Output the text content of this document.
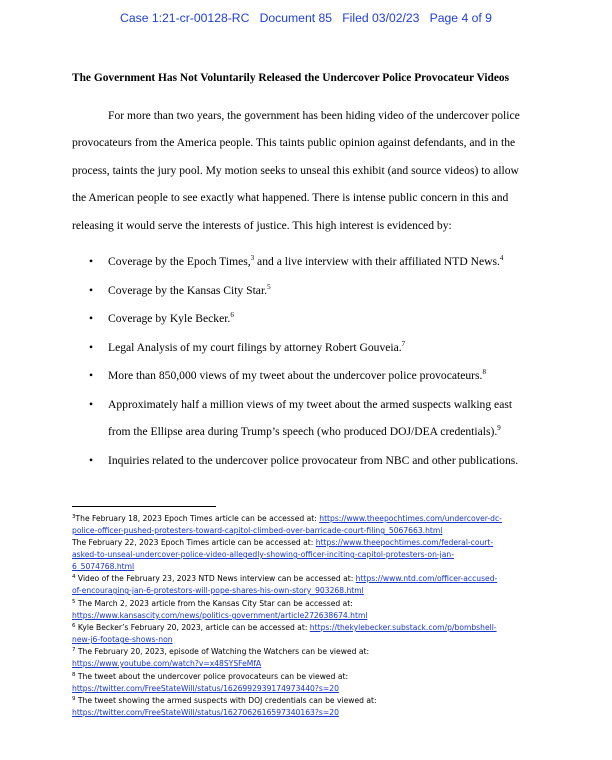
Case 1:21-cr-00128-RC   Document 85   Filed 03/02/23   Page 4 of 9
The Government Has Not Voluntarily Released the Undercover Police Provocateur Videos
For more than two years, the government has been hiding video of the undercover police
provocateurs from the America people. This taints public opinion against defendants, and in the
process, taints the jury pool. My motion seeks to unseal this exhibit (and source videos) to allow
the American people to see exactly what happened. There is intense public concern in this and
releasing it would serve the interests of justice. This high interest is evidenced by:
• Coverage by the Epoch Times,$^3$ and a live interview with their affiliated NTD News.$^4$
• Coverage by the Kansas City Star.$^5$
• Coverage by Kyle Becker.$^6$
• Legal Analysis of my court filings by attorney Robert Gouveia.$^7$
• More than 850,000 views of my tweet about the undercover police provocateurs.$^8$
• Approximately half a million views of my tweet about the armed suspects walking east
from the Ellipse area during Trump’s speech (who produced DOJ/DEA credentials).$^9$
• Inquiries related to the undercover police provocateur from NBC and other publications.
$^3$The February 18, 2023 Epoch Times article can be accessed at: https://www.theepochtimes.com/undercover-dc-
police-officer-pushed-protesters-toward-capitol-climbed-over-barricade-court-filing_5067663.html
The February 22, 2023 Epoch Times article can be accessed at: https://www.theepochtimes.com/federal-court-
asked-to-unseal-undercover-police-video-allegedly-showing-officer-inciting-capitol-protesters-on-jan-
6_5074768.html
$^4$ Video of the February 23, 2023 NTD News interview can be accessed at: https://www.ntd.com/officer-accused-
of-encouraging-jan-6-protestors-will-pope-shares-his-own-story_903268.html
$^5$ The March 2, 2023 article from the Kansas City Star can be accessed at:
https://www.kansascity.com/news/politics-government/article272638674.html
$^6$ Kyle Becker’s February 20, 2023, article can be accessed at: https://thekylebecker.substack.com/p/bombshell-
new-j6-footage-shows-non
$^7$ The February 20, 2023, episode of Watching the Watchers can be viewed at:
https://www.youtube.com/watch?v=x48SYSFeMfA
$^8$ The tweet about the undercover police provocateurs can be viewed at:
https://twitter.com/FreeStateWill/status/1626992939174973440?s=20
$^9$ The tweet showing the armed suspects with DOJ credentials can be viewed at:
https://twitter.com/FreeStateWill/status/1627062616597340163?s=20
